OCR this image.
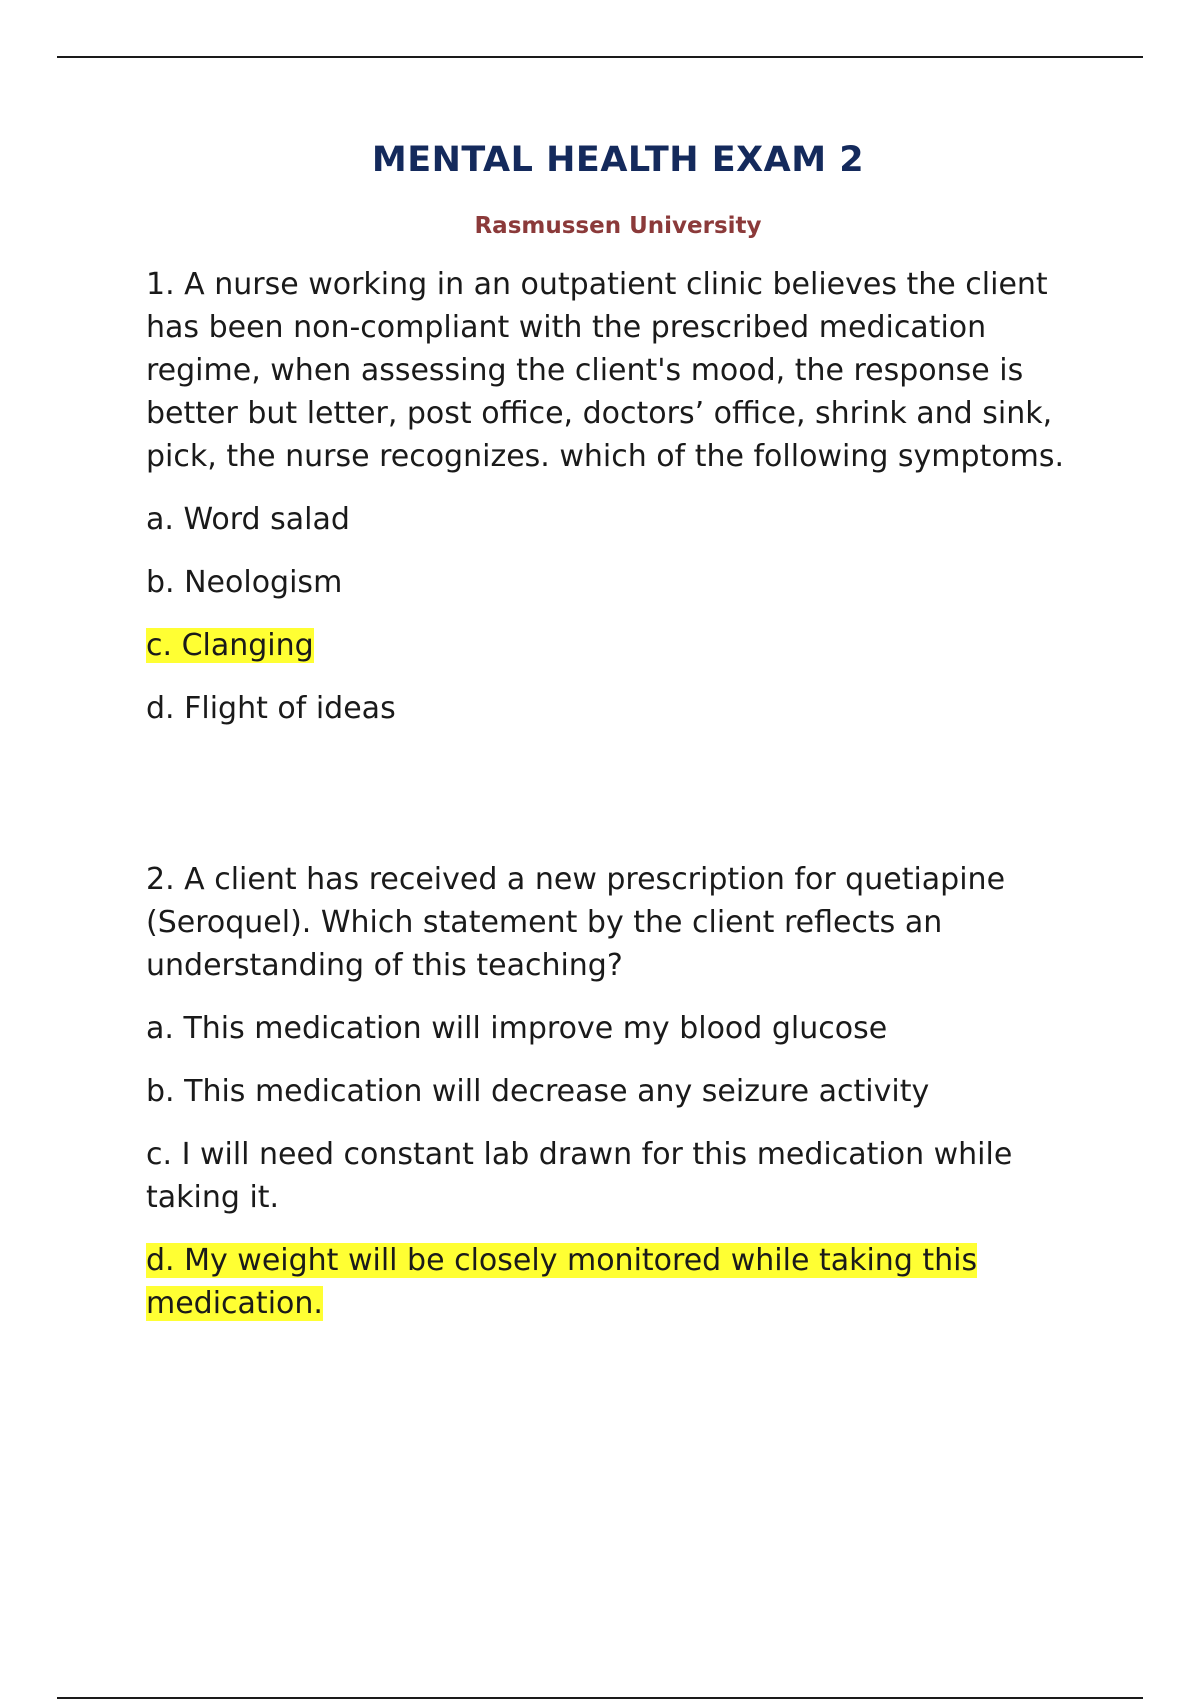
MENTAL HEALTH EXAM 2
Rasmussen University

1. A nurse working in an outpatient clinic believes the client has been non-compliant with the prescribed medication regime, when assessing the client's mood, the response is better but letter, post office, doctors’ office, shrink and sink, pick, the nurse recognizes. which of the following symptoms.

a. Word salad

b. Neologism

c. Clanging

d. Flight of ideas

2. A client has received a new prescription for quetiapine (Seroquel). Which statement by the client reflects an understanding of this teaching?

a. This medication will improve my blood glucose

b. This medication will decrease any seizure activity

c. I will need constant lab drawn for this medication while taking it.

d. My weight will be closely monitored while taking this medication.
